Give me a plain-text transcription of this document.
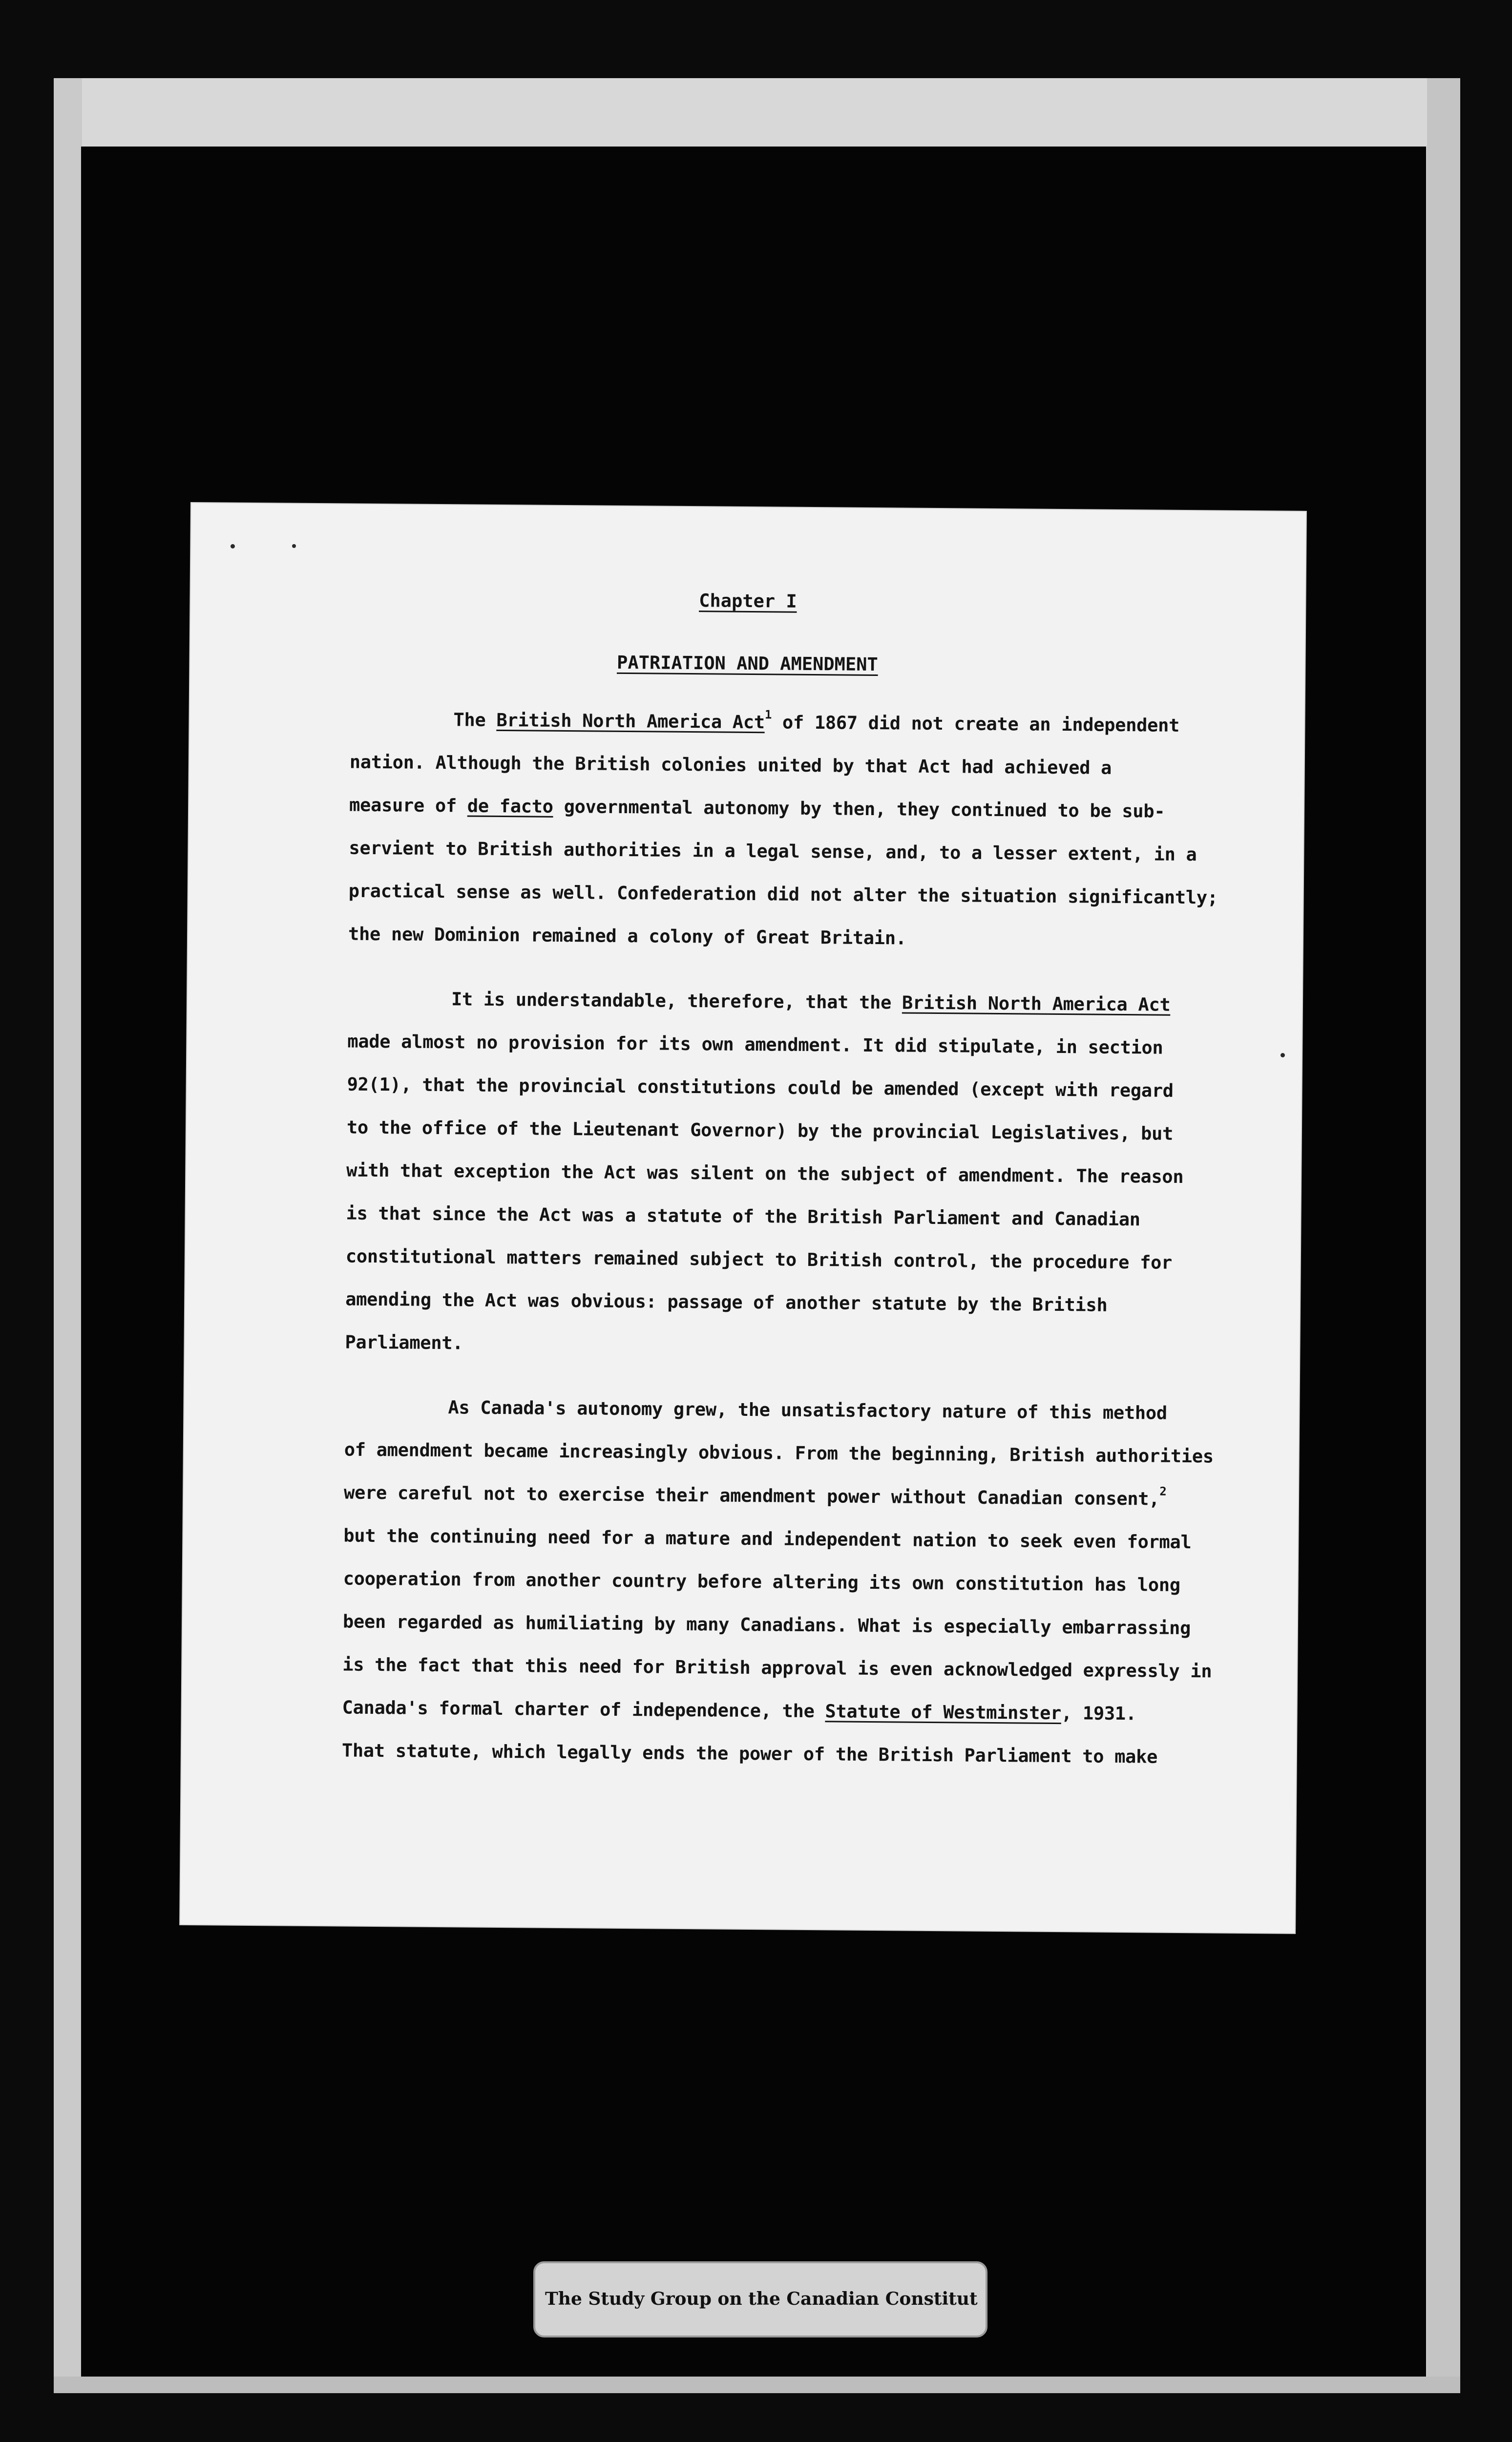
Chapter I
PATRIATION AND AMENDMENT
The British North America Act$^1$ of 1867 did not create an independent
nation. Although the British colonies united by that Act had achieved a
measure of de facto governmental autonomy by then, they continued to be sub-
servient to British authorities in a legal sense, and, to a lesser extent, in a
practical sense as well. Confederation did not alter the situation significantly;
the new Dominion remained a colony of Great Britain.
It is understandable, therefore, that the British North America Act
made almost no provision for its own amendment. It did stipulate, in section
92(1), that the provincial constitutions could be amended (except with regard
to the office of the Lieutenant Governor) by the provincial Legislatives, but
with that exception the Act was silent on the subject of amendment. The reason
is that since the Act was a statute of the British Parliament and Canadian
constitutional matters remained subject to British control, the procedure for
amending the Act was obvious: passage of another statute by the British
Parliament.
As Canada's autonomy grew, the unsatisfactory nature of this method
of amendment became increasingly obvious. From the beginning, British authorities
were careful not to exercise their amendment power without Canadian consent,$^2$
but the continuing need for a mature and independent nation to seek even formal
cooperation from another country before altering its own constitution has long
been regarded as humiliating by many Canadians. What is especially embarrassing
is the fact that this need for British approval is even acknowledged expressly in
Canada's formal charter of independence, the Statute of Westminster, 1931.
That statute, which legally ends the power of the British Parliament to make
The Study Group on the Canadian Constitut
